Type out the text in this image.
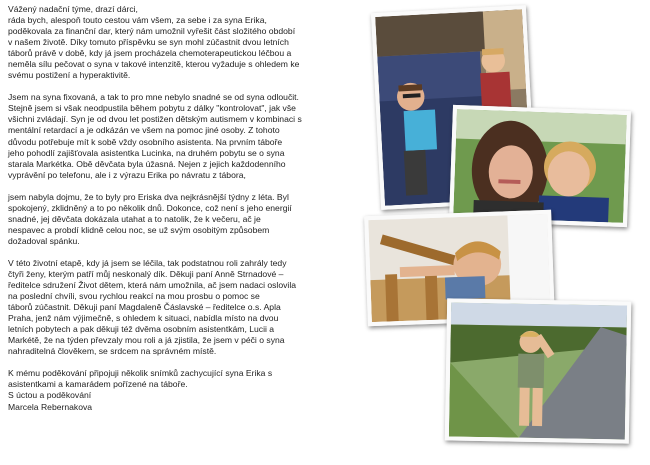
Vážený nadační týme, drazí dárci,

ráda bych, alespoň touto cestou vám všem, za sebe i za syna Erika,
poděkovala za finanční dar, který nám umožnil vyřešit část složitého období
v našem životě. Díky tomuto příspěvku se syn mohl zúčastnit dvou letních
táborů právě v době, kdy já jsem procházela chemoterapeutickou léčbou a
neměla sílu pečovat o syna v takové intenzitě, kterou vyžaduje s ohledem ke
svému postižení a hyperaktivitě.

Jsem na syna fixovaná, a tak to pro mne nebylo snadné se od syna odloučit.
Stejně jsem si však neodpustila během pobytu z dálky "kontrolovat", jak vše
všichni zvládají. Syn je od dvou let postižen dětským autismem v kombinaci s
mentální retardací a je odkázán ve všem na pomoc jiné osoby. Z tohoto
důvodu potřebuje mít k sobě vždy osobního asistenta. Na prvním táboře
jeho pohodlí zajišťovala asistentka Lucinka, na druhém pobytu se o syna
starala Markétka. Obě děvčata byla úžasná. Nejen z jejich každodenního
vyprávění po telefonu, ale i z výrazu Erika po návratu z tábora,

jsem nabyla dojmu, že to byly pro Eriska dva nejkrásnější týdny z léta. Byl
spokojený, zklidněný a to po několik dnů. Dokonce, což není s jeho energií
snadné, jej děvčata dokázala utahat a to natolik, že k večeru, ač je
nespavec a probdí klidně celou noc, se už svým osobitým způsobem
dožadoval spánku.

V této životní etapě, kdy já jsem se léčila, tak podstatnou roli zahrály tedy
čtyři ženy, kterým patří můj neskonalý dík. Děkuji paní Anně Strnadové –
ředitelce sdružení Život dětem, která nám umožnila, ač jsem nadaci oslovila
na poslední chvíli, svou rychlou reakcí na mou prosbu o pomoc se
táborů zúčastnit. Děkuji paní Magdaleně Čáslavské – ředitelce o.s. Apla
Praha, jenž nám výjimečně, s ohledem k situaci, nabídla místo na dvou
letních pobytech a pak děkuji též dvěma osobním asistentkám, Lucii a
Markétě, že na týden převzaly mou roli a já zjistila, že jsem v péči o syna
nahraditelná člověkem, se srdcem na správném místě.

K mému poděkování připojuji několik snímků zachycující syna Erika s
asistentkami a kamarádem pořízené na táboře.
S úctou a poděkování
Marcela Rebernakova
